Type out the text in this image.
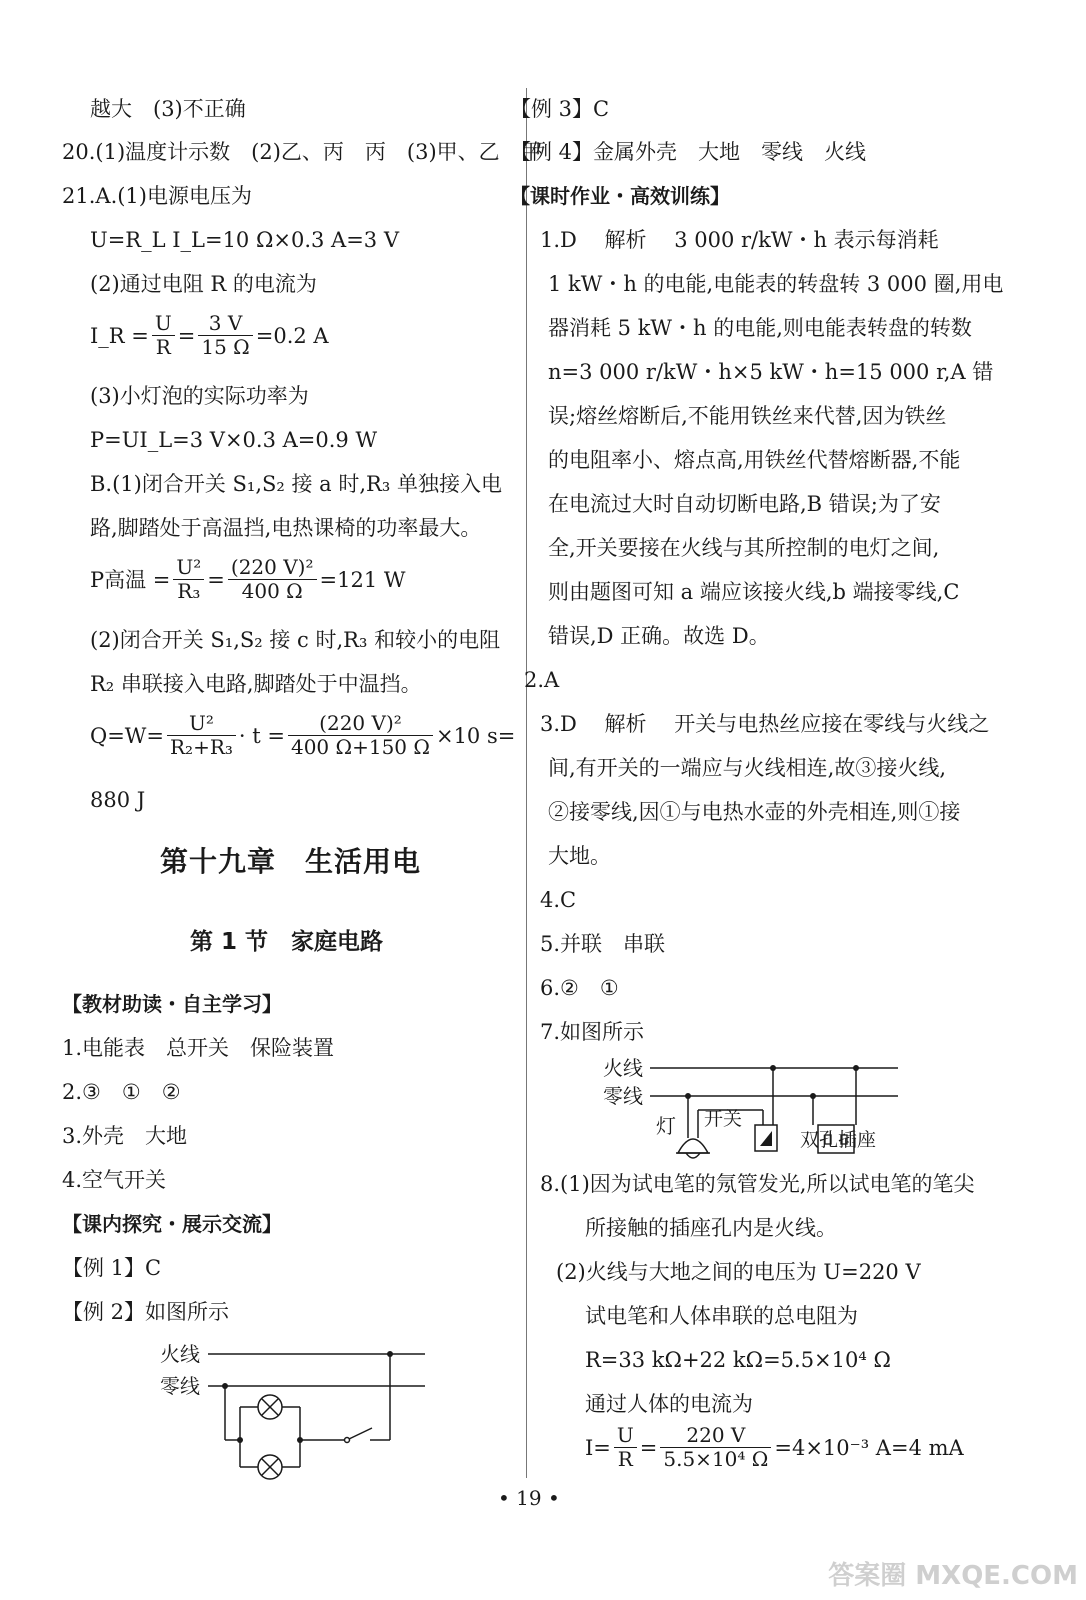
越大　(3)不正确
20.(1)温度计示数　(2)乙、丙　丙　(3)甲、乙　甲
21.A.(1)电源电压为
U=R_L I_L=10 Ω×0.3 A=3 V
(2)通过电阻 R 的电流为
I_R = $\frac{U}{R} = \frac{3 V}{15 \Omega} =0.2$ A
(3)小灯泡的实际功率为
P=UI_L=3 V×0.3 A=0.9 W
B.(1)闭合开关 S₁,S₂ 接 a 时,R₃ 单独接入电
路,脚踏处于高温挡,电热课椅的功率最大。
P高温 = $\frac{\text{U²}}{\text{R₃}} = \frac{\text{(220 V)²}}{400 \Omega} =121$ W
(2)闭合开关 S₁,S₂ 接 c 时,R₃ 和较小的电阻
R₂ 串联接入电路,脚踏处于中温挡。
$Q=W= \frac{\text{U²}}{\text{R₂+R₃}} \cdot t = \frac{\text{(220 V)²}}{400 \Omega+150 \Omega} \times 10$ s=
880 J
第十九章　生活用电
第 1 节　家庭电路
【教材助读・自主学习】
1.电能表　总开关　保险装置
2.③　①　②
3.外壳　大地
4.空气开关
【课内探究・展示交流】
【例 1】C
【例 2】如图所示
火线
零线
【例 3】C
【例 4】金属外壳　大地　零线　火线
【课时作业・高效训练】
1.D　 解析 　3 000 r/kW・h 表示每消耗
1 kW・h 的电能,电能表的转盘转 3 000 圈,用电
器消耗 5 kW・h 的电能,则电能表转盘的转数
n=3 000 r/kW・h×5 kW・h=15 000 r,A 错
误;熔丝熔断后,不能用铁丝来代替,因为铁丝
的电阻率小、熔点高,用铁丝代替熔断器,不能
在电流过大时自动切断电路,B 错误;为了安
全,开关要接在火线与其所控制的电灯之间,
则由题图可知 a 端应该接火线,b 端接零线,C
错误,D 正确。故选 D。
2.A
3.D　 解析 　开关与电热丝应接在零线与火线之
间,有开关的一端应与火线相连,故③接火线,
②接零线,因①与电热水壶的外壳相连,则①接
大地。
4.C
5.并联　串联
6.②　①
7.如图所示
火线
零线
灯 开关
双孔插座
8.(1)因为试电笔的氖管发光,所以试电笔的笔尖
所接触的插座孔内是火线。
(2)火线与大地之间的电压为 U=220 V
试电笔和人体串联的总电阻为
R=33 kΩ+22 kΩ=5.5×10⁴ Ω
通过人体的电流为
$I= \frac{U}{R} = \frac{220 V}{\text{5.5×10⁴ Ω}} =4\times 10^{-3}$ A=4 mA
• 19 •
答案圈 MXQE.COM
